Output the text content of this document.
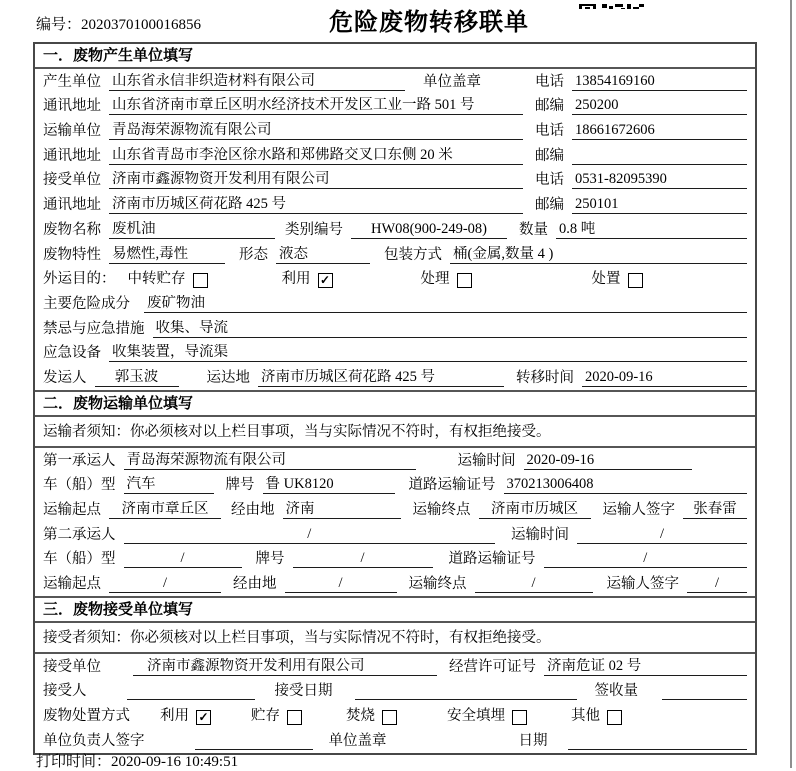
编号：2020370100016856	危险废物转移联单
一．废物产生单位填写
产生单位 山东省永信非织造材料有限公司	单位盖章	电话 13854169160
通讯地址 山东省济南市章丘区明水经济技术开发区工业一路 501 号	邮编 250200
运输单位 青岛海荣源物流有限公司	电话 18661672606
通讯地址 山东省青岛市李沧区徐水路和郑佛路交叉口东侧 20 米	邮编
接受单位 济南市鑫源物资开发利用有限公司	电话 0531-82095390
通讯地址 济南市历城区荷花路 425 号	邮编 250101
废物名称 废机油	类别编号	HW08(900-249-08)	数量 0.8 吨
废物特性 易燃性,毒性	形态 液态	包装方式 桶(金属,数量 4 )
外运目的： 中转贮存	利用 ✓	处理	处置
主要危险成分 废矿物油
禁忌与应急措施 收集、导流
应急设备 收集装置，导流渠
发运人	郭玉波	运达地 济南市历城区荷花路 425 号	转移时间 2020-09-16
二．废物运输单位填写
运输者须知：你必须核对以上栏目事项，当与实际情况不符时，有权拒绝接受。
第一承运人 青岛海荣源物流有限公司	运输时间 2020-09-16
车（船）型 汽车	牌号 鲁 UK8120	道路运输证号 370213006408
运输起点	济南市章丘区	经由地 济南	运输终点	济南市历城区	运输人签字	张春雷
第二承运人	/	运输时间	/
车（船）型	/	牌号	/	道路运输证号	/
运输起点	/	经由地	/	运输终点	/	运输人签字	/
三．废物接受单位填写
接受者须知：你必须核对以上栏目事项，当与实际情况不符时，有权拒绝接受。
接受单位	济南市鑫源物资开发利用有限公司	经营许可证号 济南危证 02 号
接受人	接受日期	签收量
废物处置方式 利用 ✓	贮存	焚烧	安全填埋	其他
单位负责人签字	单位盖章	日期
打印时间：2020-09-16 10:49:51
